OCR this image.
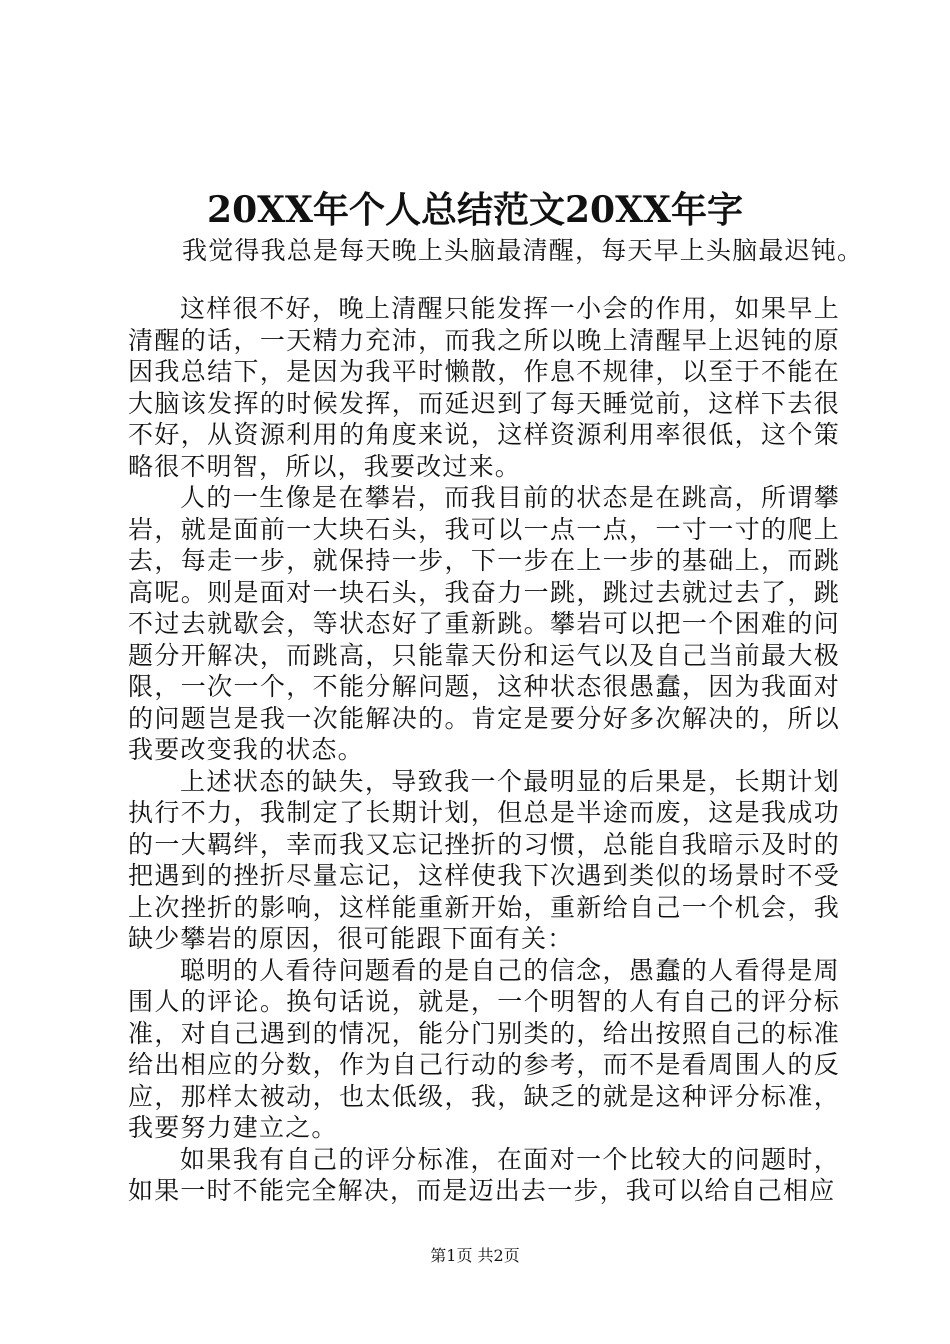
20XX年个人总结范文20XX年字
我觉得我总是每天晚上头脑最清醒，每天早上头脑最迟钝。

这样很不好，晚上清醒只能发挥一小会的作用，如果早上清醒的话，一天精力充沛，而我之所以晚上清醒早上迟钝的原因我总结下，是因为我平时懒散，作息不规律，以至于不能在大脑该发挥的时候发挥，而延迟到了每天睡觉前，这样下去很不好，从资源利用的角度来说，这样资源利用率很低，这个策略很不明智，所以，我要改过来。

人的一生像是在攀岩，而我目前的状态是在跳高，所谓攀岩，就是面前一大块石头，我可以一点一点，一寸一寸的爬上去，每走一步，就保持一步，下一步在上一步的基础上，而跳高呢。则是面对一块石头，我奋力一跳，跳过去就过去了，跳不过去就歇会，等状态好了重新跳。攀岩可以把一个困难的问题分开解决，而跳高，只能靠天份和运气以及自己当前最大极限，一次一个，不能分解问题，这种状态很愚蠢，因为我面对的问题岂是我一次能解决的。肯定是要分好多次解决的，所以我要改变我的状态。

上述状态的缺失，导致我一个最明显的后果是，长期计划执行不力，我制定了长期计划，但总是半途而废，这是我成功的一大羁绊，幸而我又忘记挫折的习惯，总能自我暗示及时的把遇到的挫折尽量忘记，这样使我下次遇到类似的场景时不受上次挫折的影响，这样能重新开始，重新给自己一个机会，我缺少攀岩的原因，很可能跟下面有关：

聪明的人看待问题看的是自己的信念，愚蠢的人看得是周围人的评论。换句话说，就是，一个明智的人有自己的评分标准，对自己遇到的情况，能分门别类的，给出按照自己的标准给出相应的分数，作为自己行动的参考，而不是看周围人的反应，那样太被动，也太低级，我，缺乏的就是这种评分标准，我要努力建立之。

如果我有自己的评分标准，在面对一个比较大的问题时，如果一时不能完全解决，而是迈出去一步，我可以给自己相应

第1页 共2页
